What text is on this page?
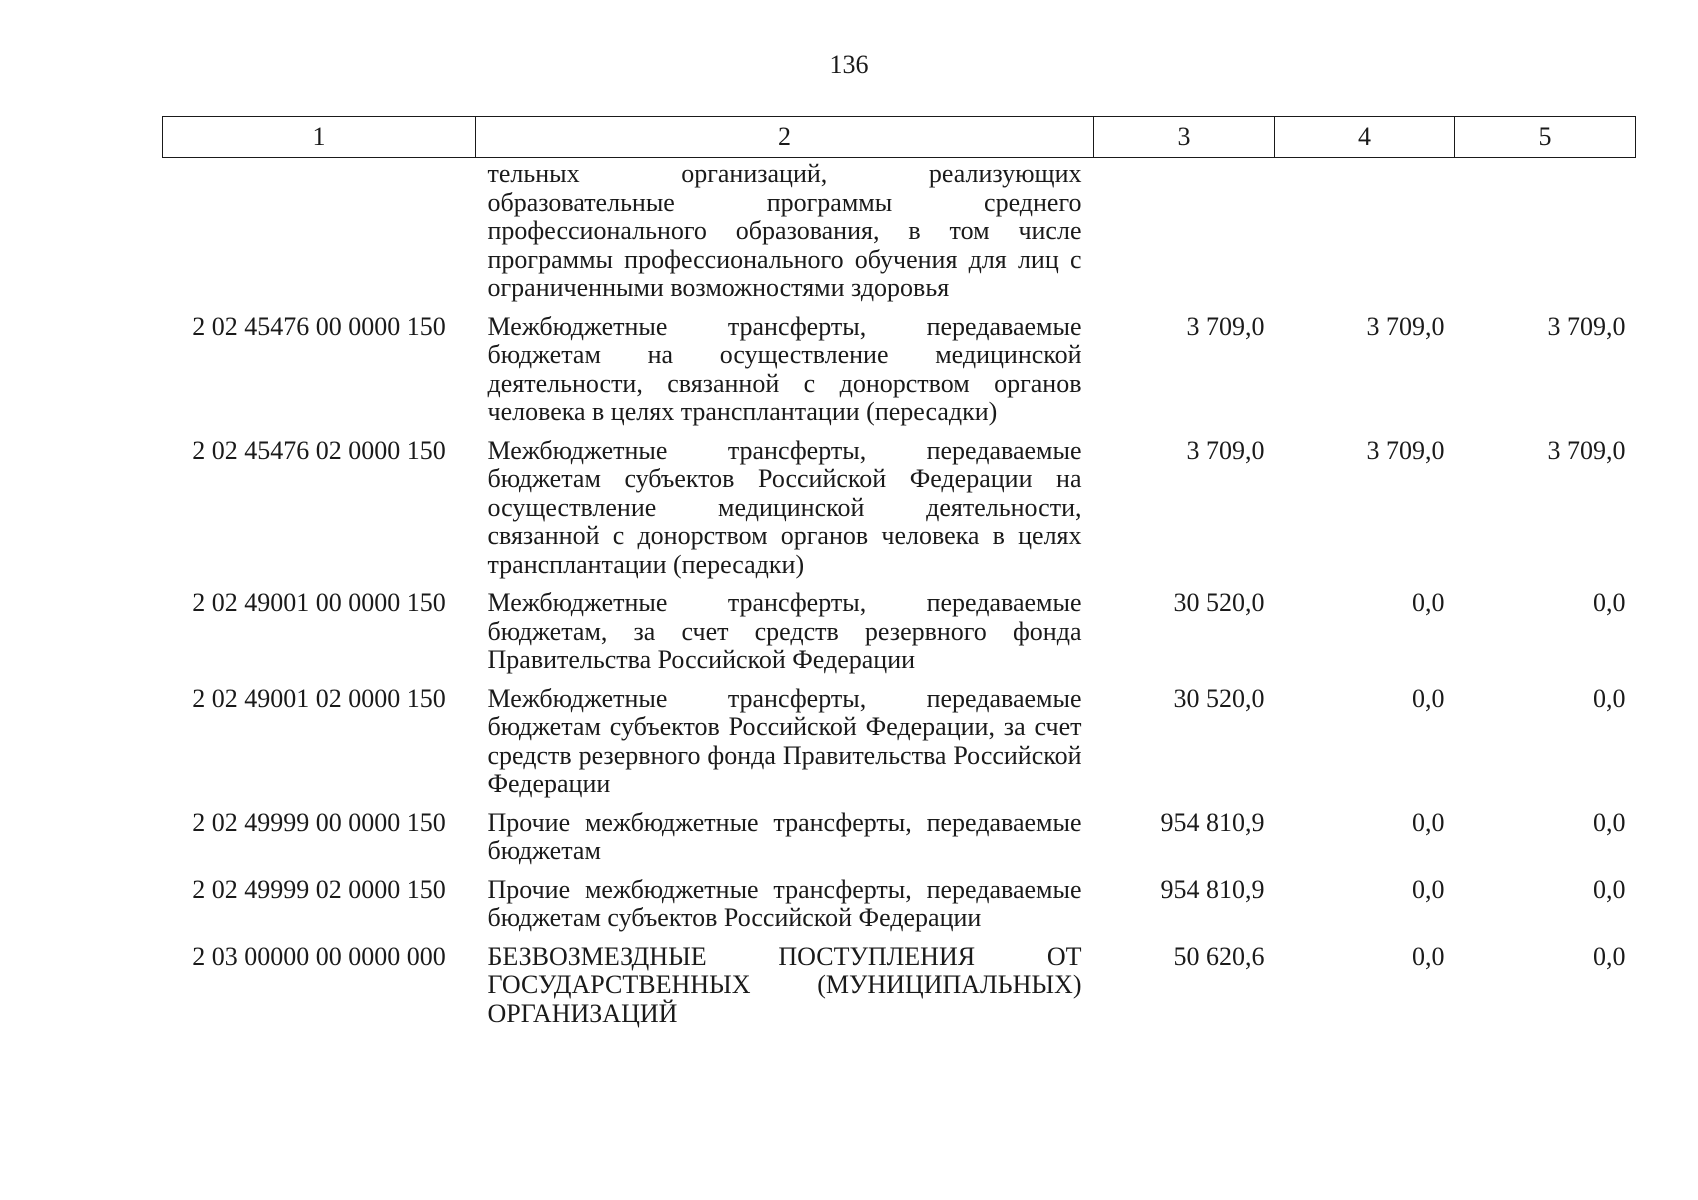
136
1	2	3	4	5
	тельных организаций, реализующих образовательные программы среднего профессионального образования, в том числе программы профессионального обучения для лиц с ограниченными возможностями здоровья			
2 02 45476 00 0000 150	Межбюджетные трансферты, передаваемые бюджетам на осуществление медицинской деятельности, связанной с донорством органов человека в целях трансплантации (пересадки)	3 709,0	3 709,0	3 709,0
2 02 45476 02 0000 150	Межбюджетные трансферты, передаваемые бюджетам субъектов Российской Федерации на осуществление медицинской деятельности, связанной с донорством органов человека в целях трансплантации (пересадки)	3 709,0	3 709,0	3 709,0
2 02 49001 00 0000 150	Межбюджетные трансферты, передаваемые бюджетам, за счет средств резервного фонда Правительства Российской Федерации	30 520,0	0,0	0,0
2 02 49001 02 0000 150	Межбюджетные трансферты, передаваемые бюджетам субъектов Российской Федерации, за счет средств резервного фонда Правительства Российской Федерации	30 520,0	0,0	0,0
2 02 49999 00 0000 150	Прочие межбюджетные трансферты, передаваемые бюджетам	954 810,9	0,0	0,0
2 02 49999 02 0000 150	Прочие межбюджетные трансферты, передаваемые бюджетам субъектов Российской Федерации	954 810,9	0,0	0,0
2 03 00000 00 0000 000	БЕЗВОЗМЕЗДНЫЕ ПОСТУПЛЕНИЯ ОТ ГОСУДАРСТВЕННЫХ (МУНИЦИПАЛЬНЫХ) ОРГАНИЗАЦИЙ	50 620,6	0,0	0,0
